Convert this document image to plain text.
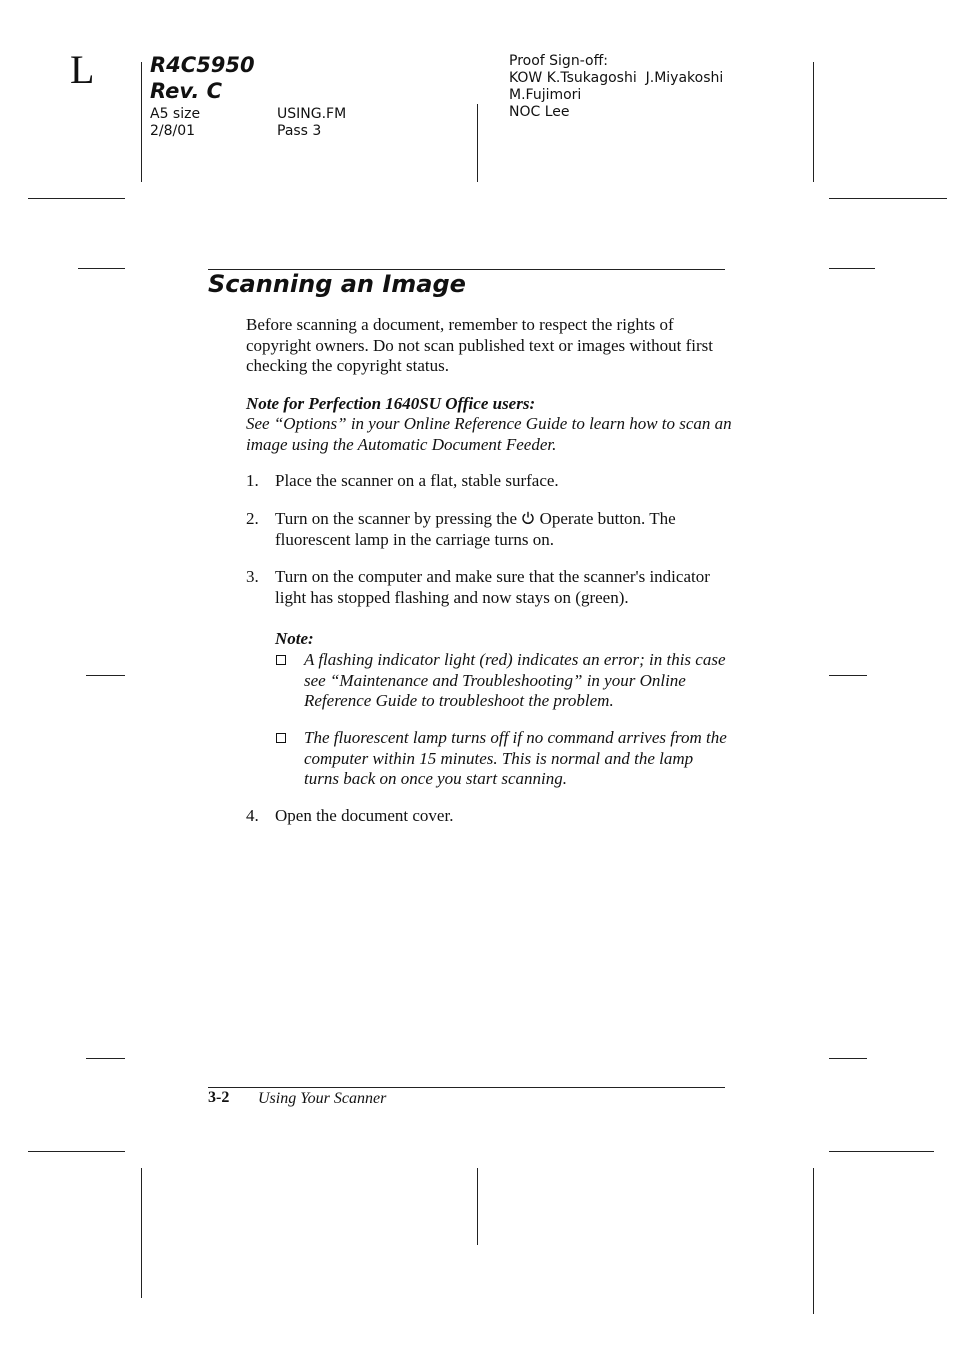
L	R4C5950
Rev. C
A5 size
2/8/01
USING.FM
Pass 3
Proof Sign-off:
KOW K.Tsukagoshi  J.Miyakoshi
M.Fujimori
NOC Lee
Scanning an Image
Before scanning a document, remember to respect the rights of copyright owners. Do not scan published text or images without first checking the copyright status.
Note for Perfection 1640SU Office users:
See “Options” in your Online Reference Guide to learn how to scan an image using the Automatic Document Feeder.
1. Place the scanner on a flat, stable surface.
2. Turn on the scanner by pressing the Operate button. The fluorescent lamp in the carriage turns on.
3. Turn on the computer and make sure that the scanner's indicator light has stopped flashing and now stays on (green).
Note:
A flashing indicator light (red) indicates an error; in this case see “Maintenance and Troubleshooting” in your Online Reference Guide to troubleshoot the problem.
The fluorescent lamp turns off if no command arrives from the computer within 15 minutes. This is normal and the lamp turns back on once you start scanning.
4. Open the document cover.
3-2 Using Your Scanner
